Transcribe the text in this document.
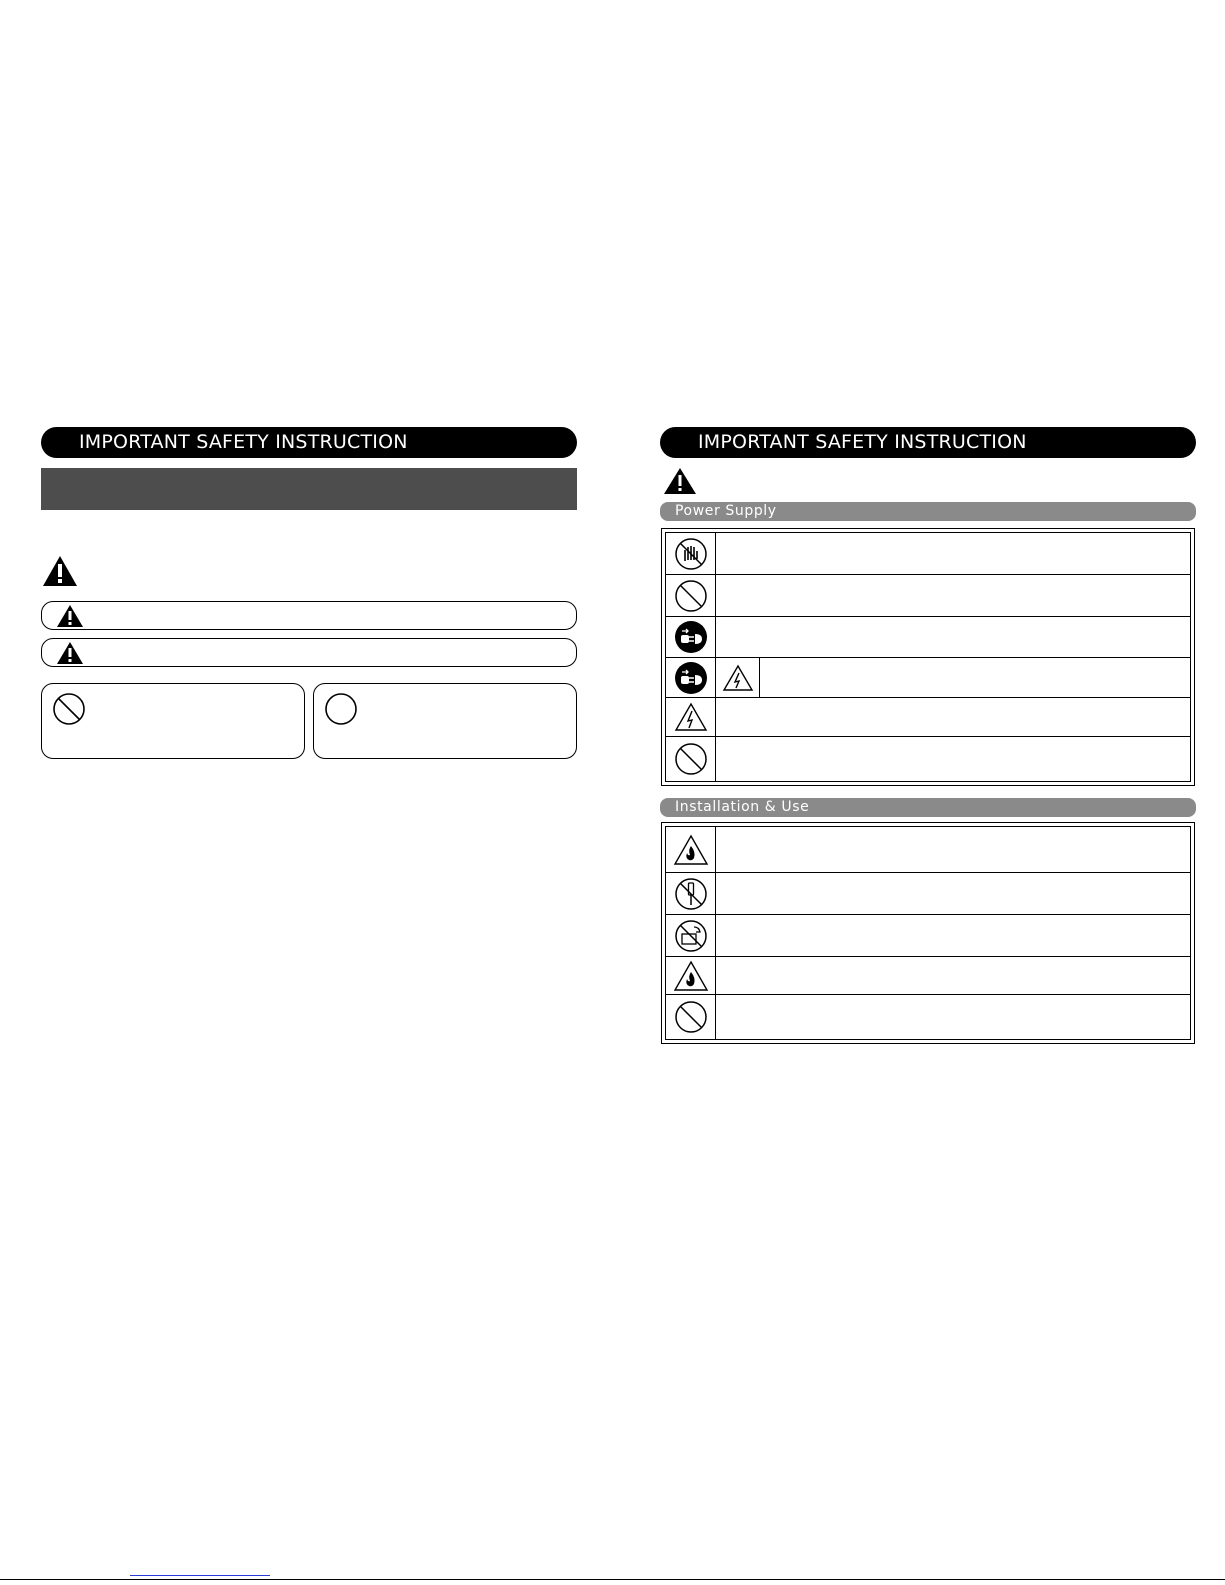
IMPORTANT SAFETY INSTRUCTION	IMPORTANT SAFETY INSTRUCTION
Power Supply
Installation & Use
